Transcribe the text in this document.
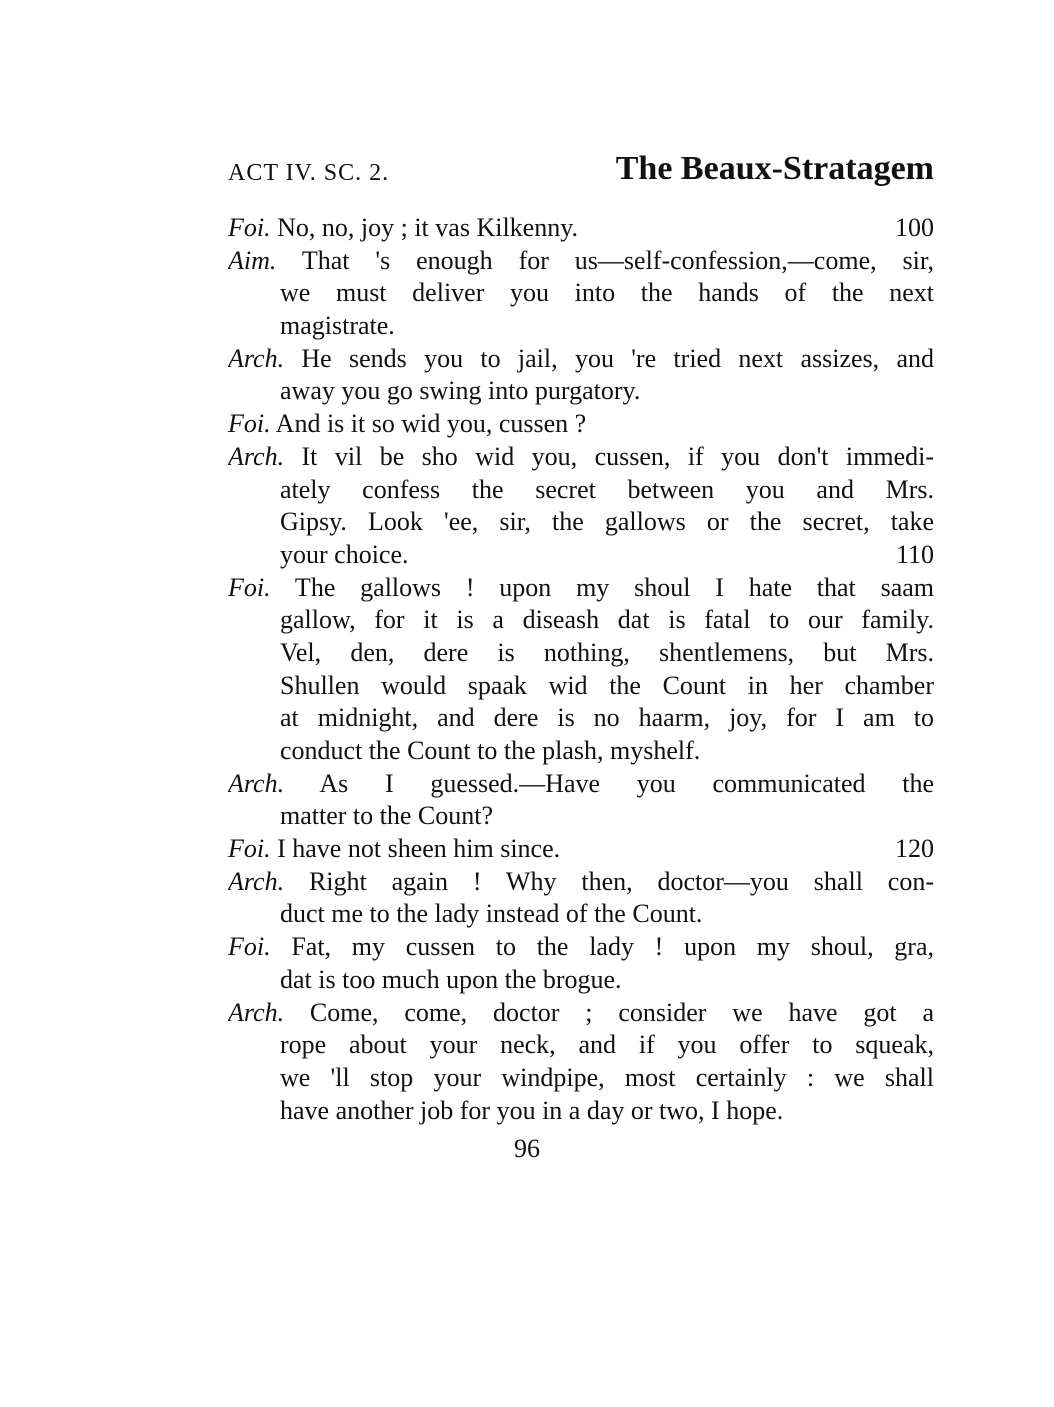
ACT IV. SC. 2.	The Beaux-Stratagem
Foi. No, no, joy ; it vas Kilkenny.	100
Aim. That 's enough for us—self-confession,—come, sir,
we must deliver you into the hands of the next
magistrate.
Arch. He sends you to jail, you 're tried next assizes, and
away you go swing into purgatory.
Foi. And is it so wid you, cussen ?
Arch. It vil be sho wid you, cussen, if you don't immedi-
ately confess the secret between you and Mrs.
Gipsy. Look 'ee, sir, the gallows or the secret, take
your choice.	110
Foi. The gallows ! upon my shoul I hate that saam
gallow, for it is a diseash dat is fatal to our family.
Vel, den, dere is nothing, shentlemens, but Mrs.
Shullen would spaak wid the Count in her chamber
at midnight, and dere is no haarm, joy, for I am to
conduct the Count to the plash, myshelf.
Arch. As I guessed.—Have you communicated the
matter to the Count?
Foi. I have not sheen him since.	120
Arch. Right again ! Why then, doctor—you shall con-
duct me to the lady instead of the Count.
Foi. Fat, my cussen to the lady ! upon my shoul, gra,
dat is too much upon the brogue.
Arch. Come, come, doctor ; consider we have got a
rope about your neck, and if you offer to squeak,
we 'll stop your windpipe, most certainly : we shall
have another job for you in a day or two, I hope.
96
